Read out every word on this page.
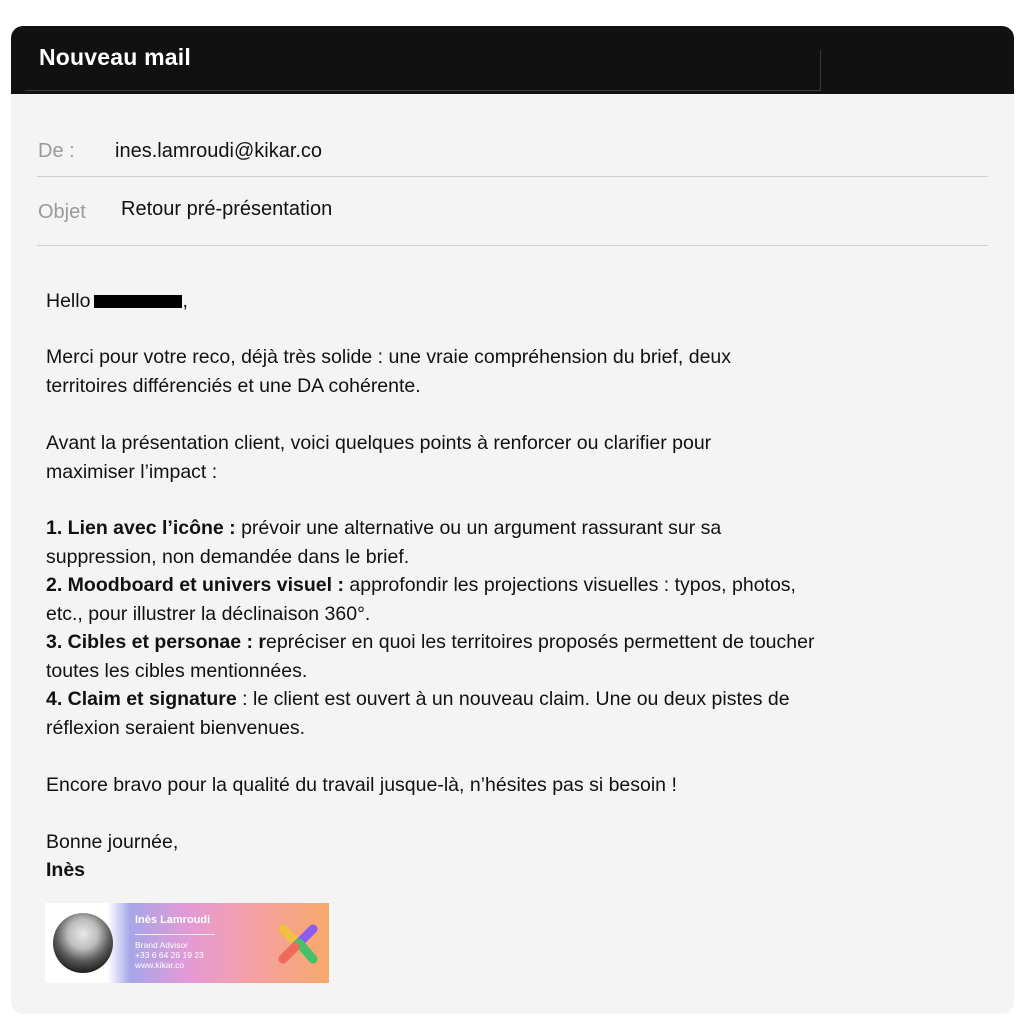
Nouveau mail
De : ines.lamroudi@kikar.co
Objet Retour pré-présentation
Hello	,
Merci pour votre reco, déjà très solide : une vraie compréhension du brief, deux
territoires différenciés et une DA cohérente.
Avant la présentation client, voici quelques points à renforcer ou clarifier pour
maximiser l’impact :
1. Lien avec l’icône : prévoir une alternative ou un argument rassurant sur sa
suppression, non demandée dans le brief.
2. Moodboard et univers visuel : approfondir les projections visuelles : typos, photos,
etc., pour illustrer la déclinaison 360°.
3. Cibles et personae : repréciser en quoi les territoires proposés permettent de toucher
toutes les cibles mentionnées.
4. Claim et signature : le client est ouvert à un nouveau claim. Une ou deux pistes de
réflexion seraient bienvenues.
Encore bravo pour la qualité du travail jusque-là, n’hésites pas si besoin !
Bonne journée,
Inès
Inès Lamroudi
Brand Advisor
+33 6 64 26 19 23
www.kikar.co
